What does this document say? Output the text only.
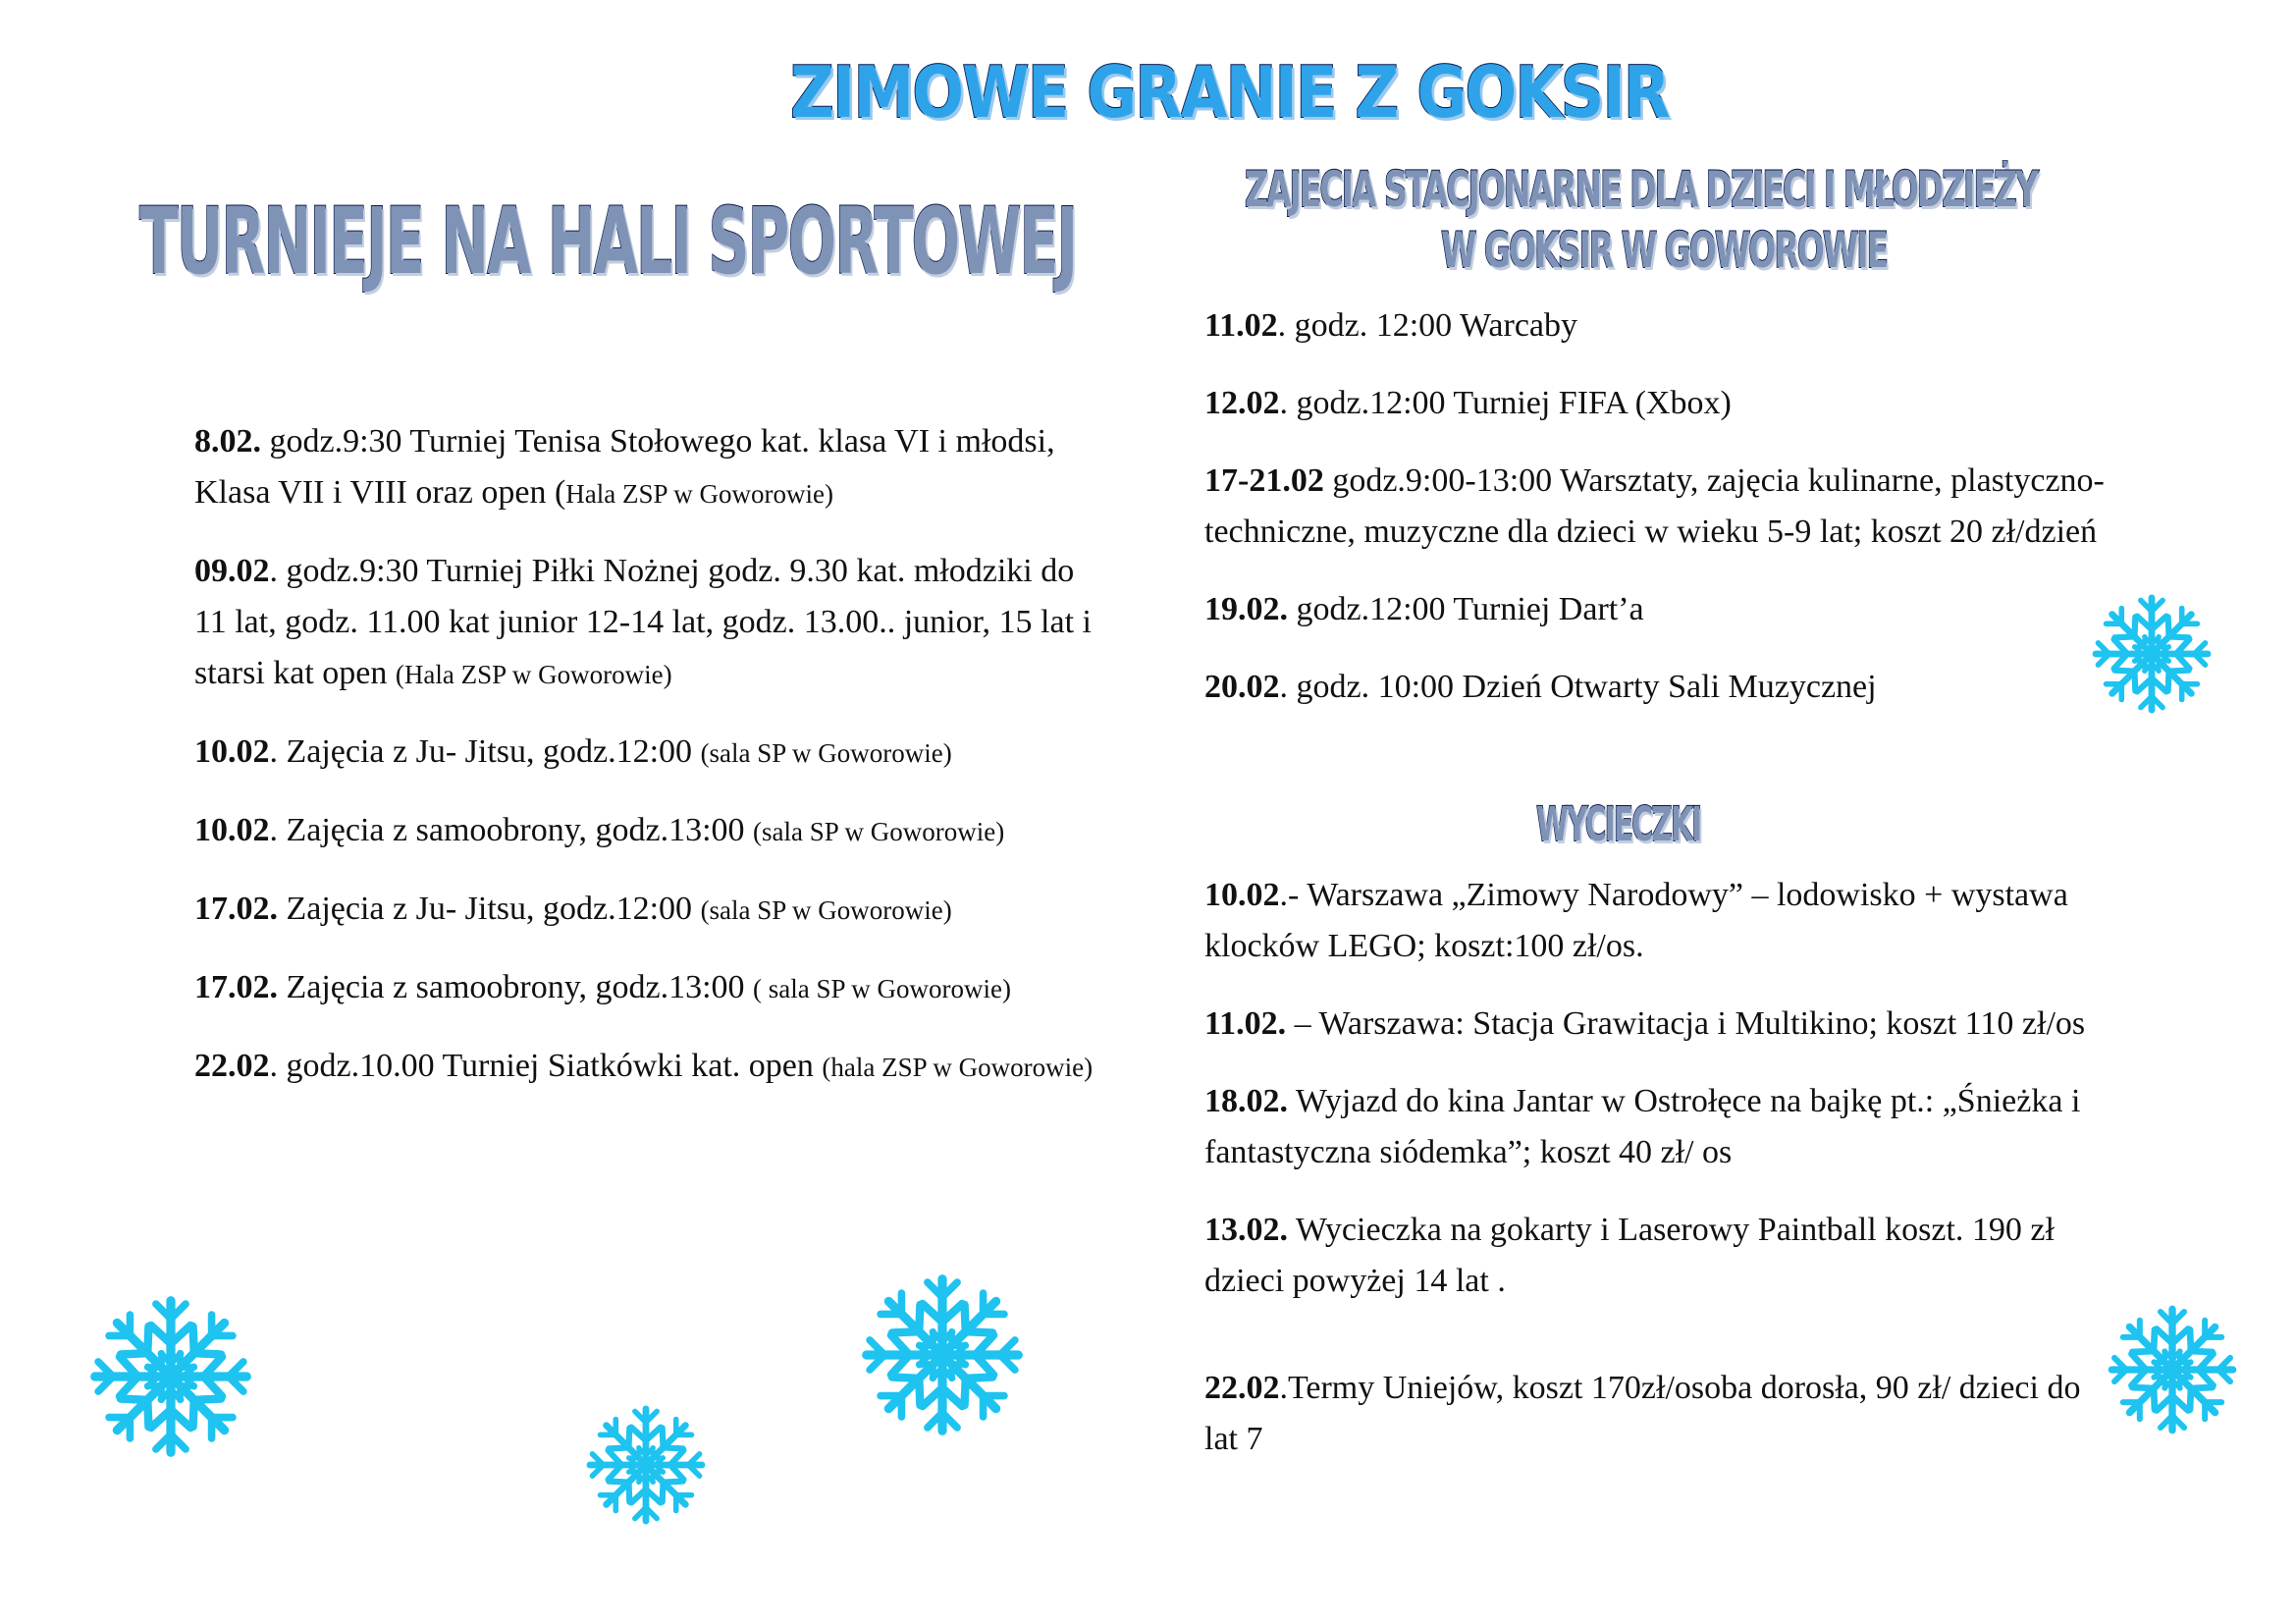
ZIMOWE GRANIE Z GOKSIR
TURNIEJE NA HALI SPORTOWEJ	ZAJECIA STACJONARNE DLA DZIECI I MŁODZIEŻY
W GOKSIR W GOWOROWIE
WYCIECZKI

8.02. godz.9:30 Turniej Tenisa Stołowego kat. klasa VI i młodsi, Klasa VII i VIII oraz open (Hala ZSP w Goworowie)

09.02. godz.9:30 Turniej Piłki Nożnej godz. 9.30 kat. młodziki do 11 lat, godz. 11.00 kat junior 12-14 lat, godz. 13.00.. junior, 15 lat i starsi kat open (Hala ZSP w Goworowie)

10.02. Zajęcia z Ju- Jitsu, godz.12:00 (sala SP w Goworowie)

10.02. Zajęcia z samoobrony, godz.13:00 (sala SP w Goworowie)

17.02. Zajęcia z Ju- Jitsu, godz.12:00 (sala SP w Goworowie)

17.02. Zajęcia z samoobrony, godz.13:00 ( sala SP w Goworowie)

22.02. godz.10.00 Turniej Siatkówki kat. open (hala ZSP w Goworowie)

11.02. godz. 12:00 Warcaby

12.02. godz.12:00 Turniej FIFA (Xbox)

17-21.02 godz.9:00-13:00 Warsztaty, zajęcia kulinarne, plastyczno-techniczne, muzyczne dla dzieci w wieku 5-9 lat; koszt 20 zł/dzień

19.02. godz.12:00 Turniej Dart’a

20.02. godz. 10:00 Dzień Otwarty Sali Muzycznej

10.02.- Warszawa „Zimowy Narodowy” – lodowisko + wystawa klocków LEGO; koszt:100 zł/os.

11.02. – Warszawa: Stacja Grawitacja i Multikino; koszt 110 zł/os

18.02. Wyjazd do kina Jantar w Ostrołęce na bajkę pt.: „Śnieżka i fantastyczna siódemka”; koszt 40 zł/ os

13.02. Wycieczka na gokarty i Laserowy Paintball koszt. 190 zł dzieci powyżej 14 lat .

22.02.Termy Uniejów, koszt 170zł/osoba dorosła, 90 zł/ dzieci do lat 7
